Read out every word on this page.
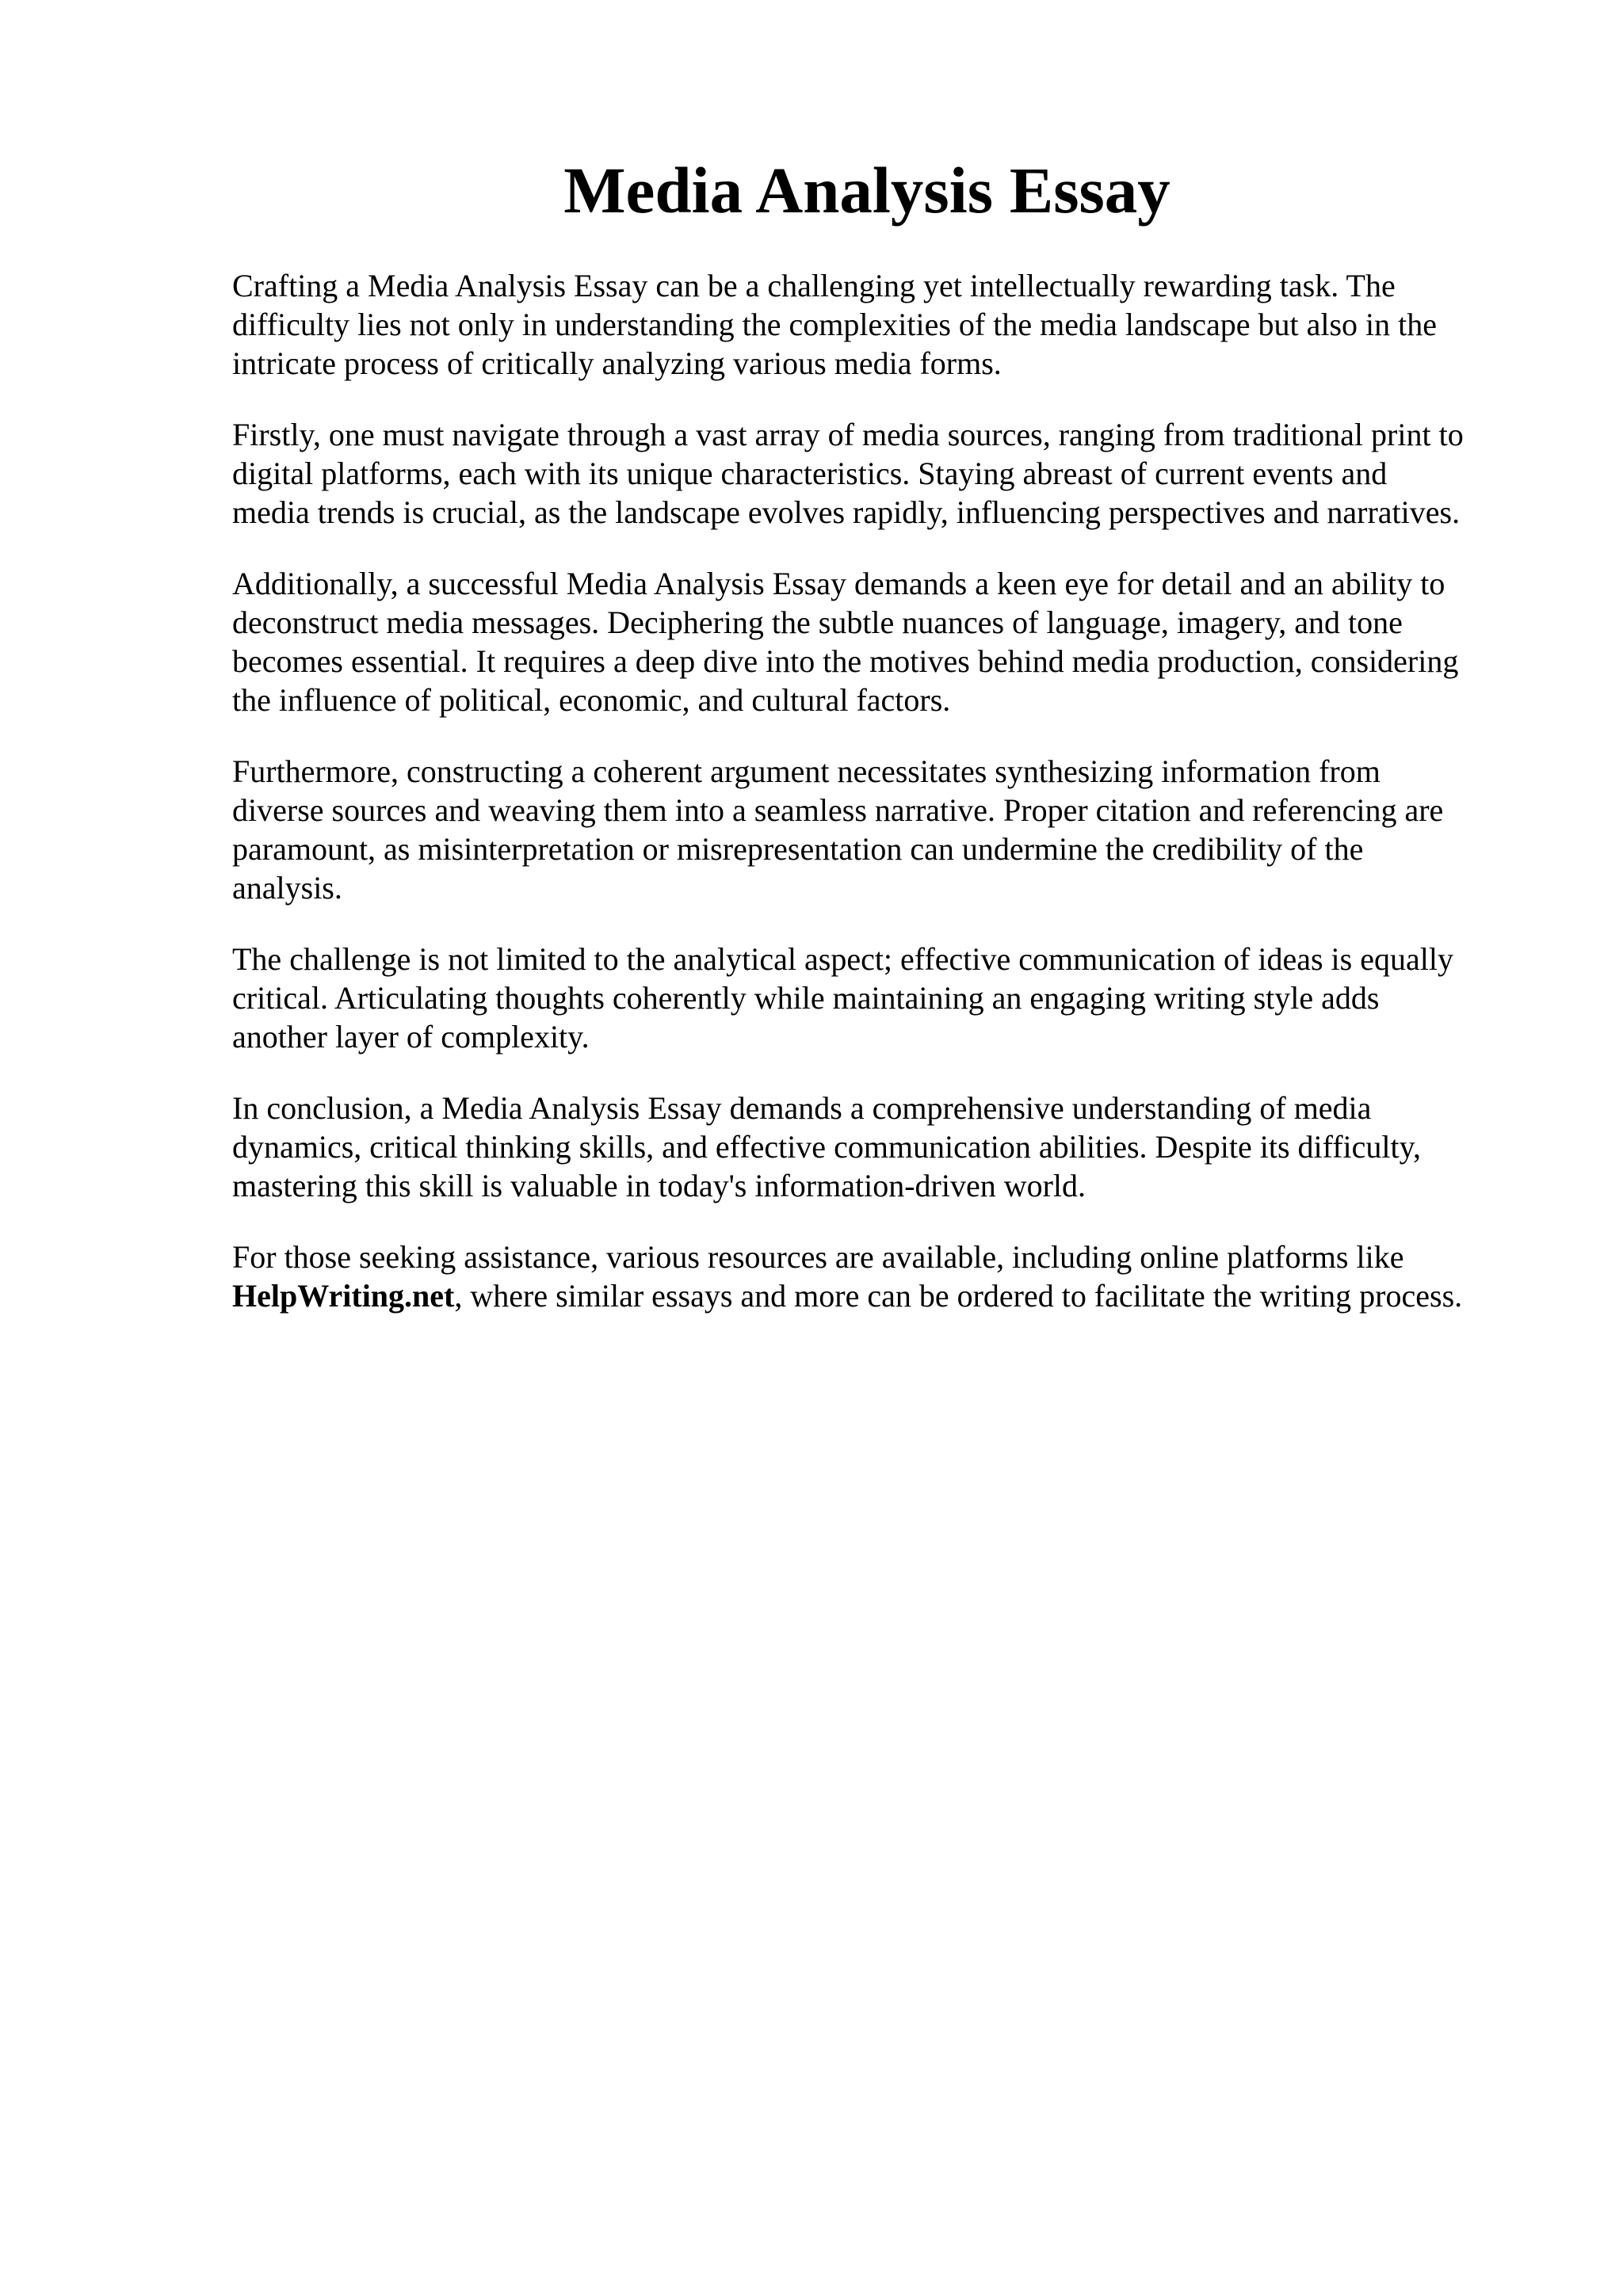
Media Analysis Essay

Crafting a Media Analysis Essay can be a challenging yet intellectually rewarding task. The
difficulty lies not only in understanding the complexities of the media landscape but also in the
intricate process of critically analyzing various media forms.

Firstly, one must navigate through a vast array of media sources, ranging from traditional print to
digital platforms, each with its unique characteristics. Staying abreast of current events and
media trends is crucial, as the landscape evolves rapidly, influencing perspectives and narratives.

Additionally, a successful Media Analysis Essay demands a keen eye for detail and an ability to
deconstruct media messages. Deciphering the subtle nuances of language, imagery, and tone
becomes essential. It requires a deep dive into the motives behind media production, considering
the influence of political, economic, and cultural factors.

Furthermore, constructing a coherent argument necessitates synthesizing information from
diverse sources and weaving them into a seamless narrative. Proper citation and referencing are
paramount, as misinterpretation or misrepresentation can undermine the credibility of the
analysis.

The challenge is not limited to the analytical aspect; effective communication of ideas is equally
critical. Articulating thoughts coherently while maintaining an engaging writing style adds
another layer of complexity.

In conclusion, a Media Analysis Essay demands a comprehensive understanding of media
dynamics, critical thinking skills, and effective communication abilities. Despite its difficulty,
mastering this skill is valuable in today's information-driven world.

For those seeking assistance, various resources are available, including online platforms like
HelpWriting.net, where similar essays and more can be ordered to facilitate the writing process.
